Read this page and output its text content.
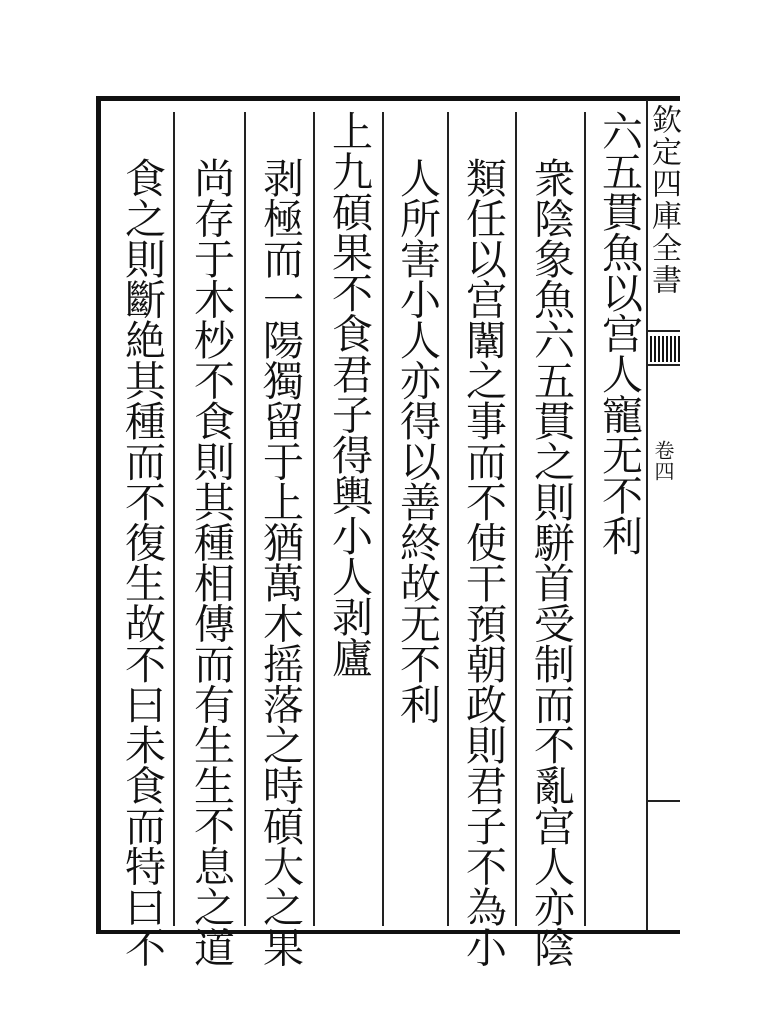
六五貫魚以宫人寵无不利
衆陰象魚六五貫之則駢首受制而不亂宫人亦陰
類任以宫闈之事而不使干預朝政則君子不為小
人所害小人亦得以善終故无不利
上九碩果不食君子得輿小人剥廬
剥極而一陽獨留于上猶萬木摇落之時碩大之果
尚存于木杪不食則其種相傳而有生生不息之道
食之則斷絶其種而不復生故不曰未食而特曰不	欽定四庫全書
卷四
